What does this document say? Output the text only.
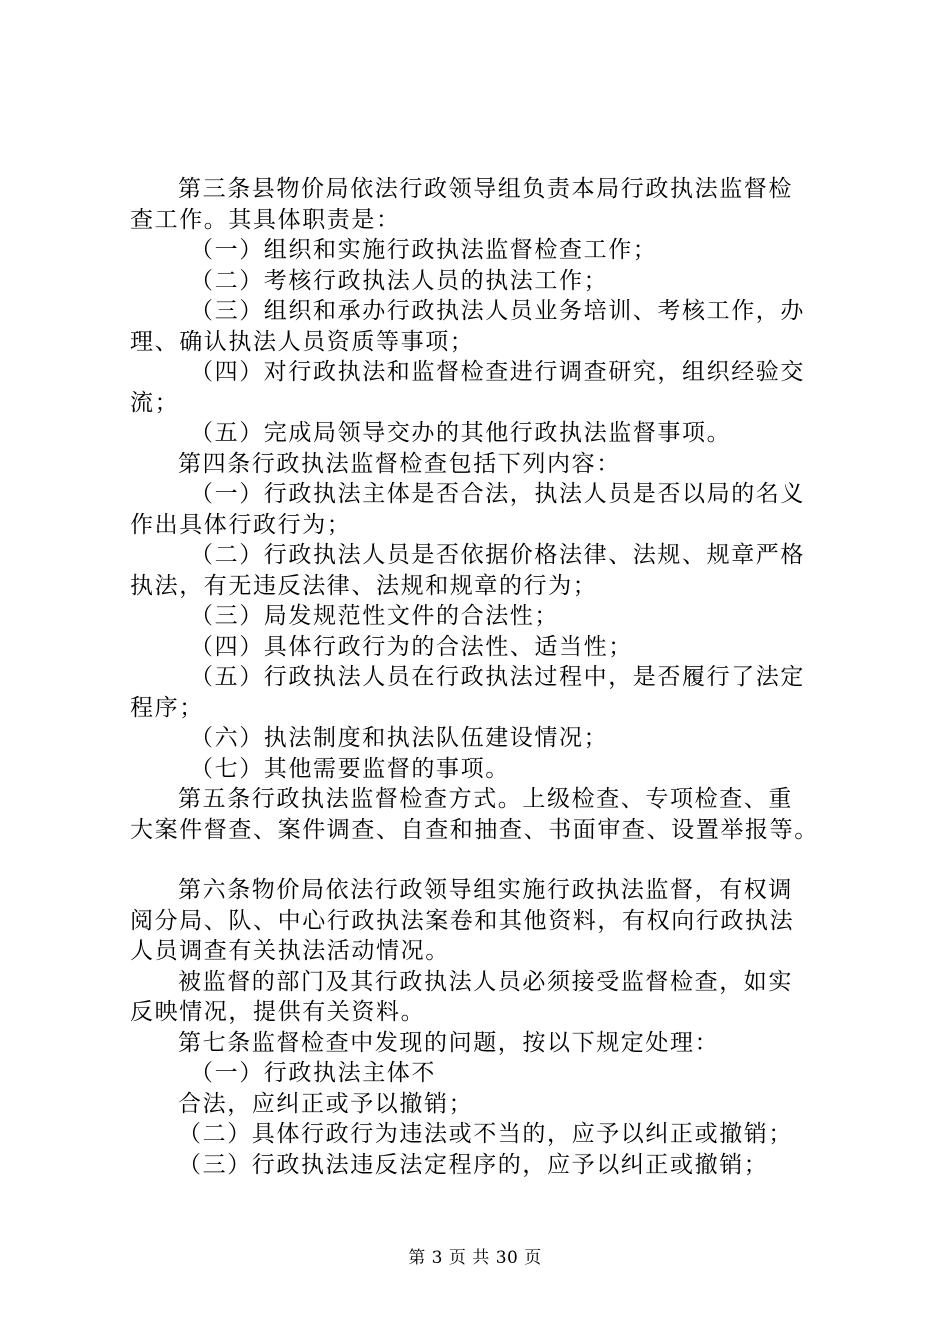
第三条县物价局依法行政领导组负责本局行政执法监督检

查工作。其具体职责是：

（一）组织和实施行政执法监督检查工作；

（二）考核行政执法人员的执法工作；

（三）组织和承办行政执法人员业务培训、考核工作，办

理、确认执法人员资质等事项；

（四）对行政执法和监督检查进行调查研究，组织经验交

流；

（五）完成局领导交办的其他行政执法监督事项。

第四条行政执法监督检查包括下列内容：

（一）行政执法主体是否合法，执法人员是否以局的名义

作出具体行政行为；

（二）行政执法人员是否依据价格法律、法规、规章严格

执法，有无违反法律、法规和规章的行为；

（三）局发规范性文件的合法性；

（四）具体行政行为的合法性、适当性；

（五）行政执法人员在行政执法过程中，是否履行了法定

程序；

（六）执法制度和执法队伍建设情况；

（七）其他需要监督的事项。

第五条行政执法监督检查方式。上级检查、专项检查、重

大案件督查、案件调查、自查和抽查、书面审查、设置举报等。

第六条物价局依法行政领导组实施行政执法监督，有权调

阅分局、队、中心行政执法案卷和其他资料，有权向行政执法

人员调查有关执法活动情况。

被监督的部门及其行政执法人员必须接受监督检查，如实

反映情况，提供有关资料。

第七条监督检查中发现的问题，按以下规定处理：

（一）行政执法主体不

合法，应纠正或予以撤销；

（二）具体行政行为违法或不当的，应予以纠正或撤销；

（三）行政执法违反法定程序的，应予以纠正或撤销；

第 3 页 共 30 页
